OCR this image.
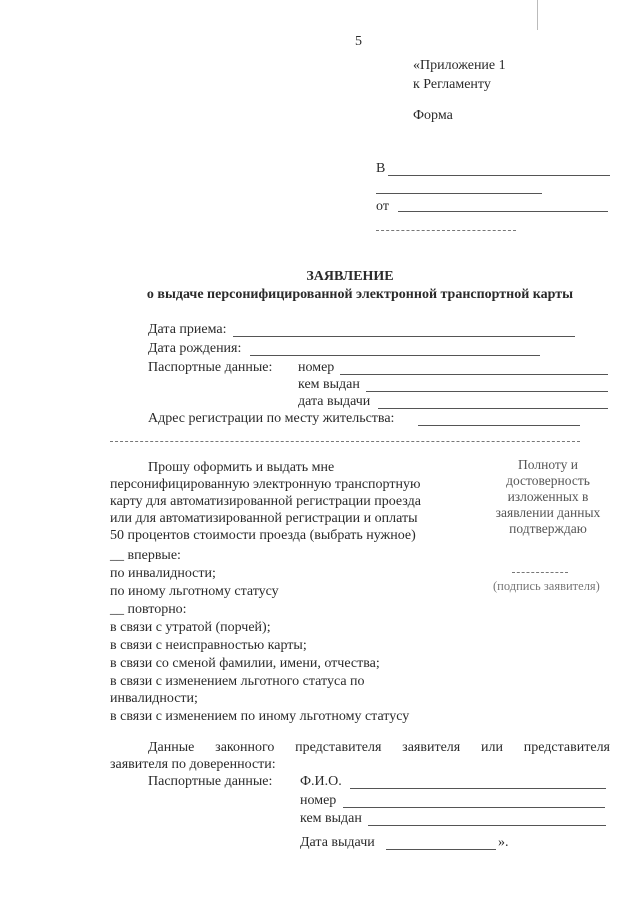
5
«Приложение 1
к Регламенту
Форма
В
от
ЗАЯВЛЕНИЕ
о выдаче персонифицированной электронной транспортной карты
Дата приема:
Дата рождения:
Паспортные данные: номер
кем выдан
дата выдачи
Адрес регистрации по месту жительства:
Прошу оформить и выдать мне
персонифицированную электронную транспортную
карту для автоматизированной регистрации проезда
или для автоматизированной регистрации и оплаты
50 процентов стоимости проезда (выбрать нужное)
__ впервые:
по инвалидности;
по иному льготному статусу
__ повторно:
в связи с утратой (порчей);
в связи с неисправностью карты;
в связи со сменой фамилии, имени, отчества;
в связи с изменением льготного статуса по
инвалидности;
в связи с изменением по иному льготному статусу
Полноту и
достоверность
изложенных в
заявлении данных
подтверждаю
(подпись заявителя)
Данные законного представителя заявителя или представителя
заявителя по доверенности:
Паспортные данные: Ф.И.О.
номер
кем выдан
Дата выдачи	».
